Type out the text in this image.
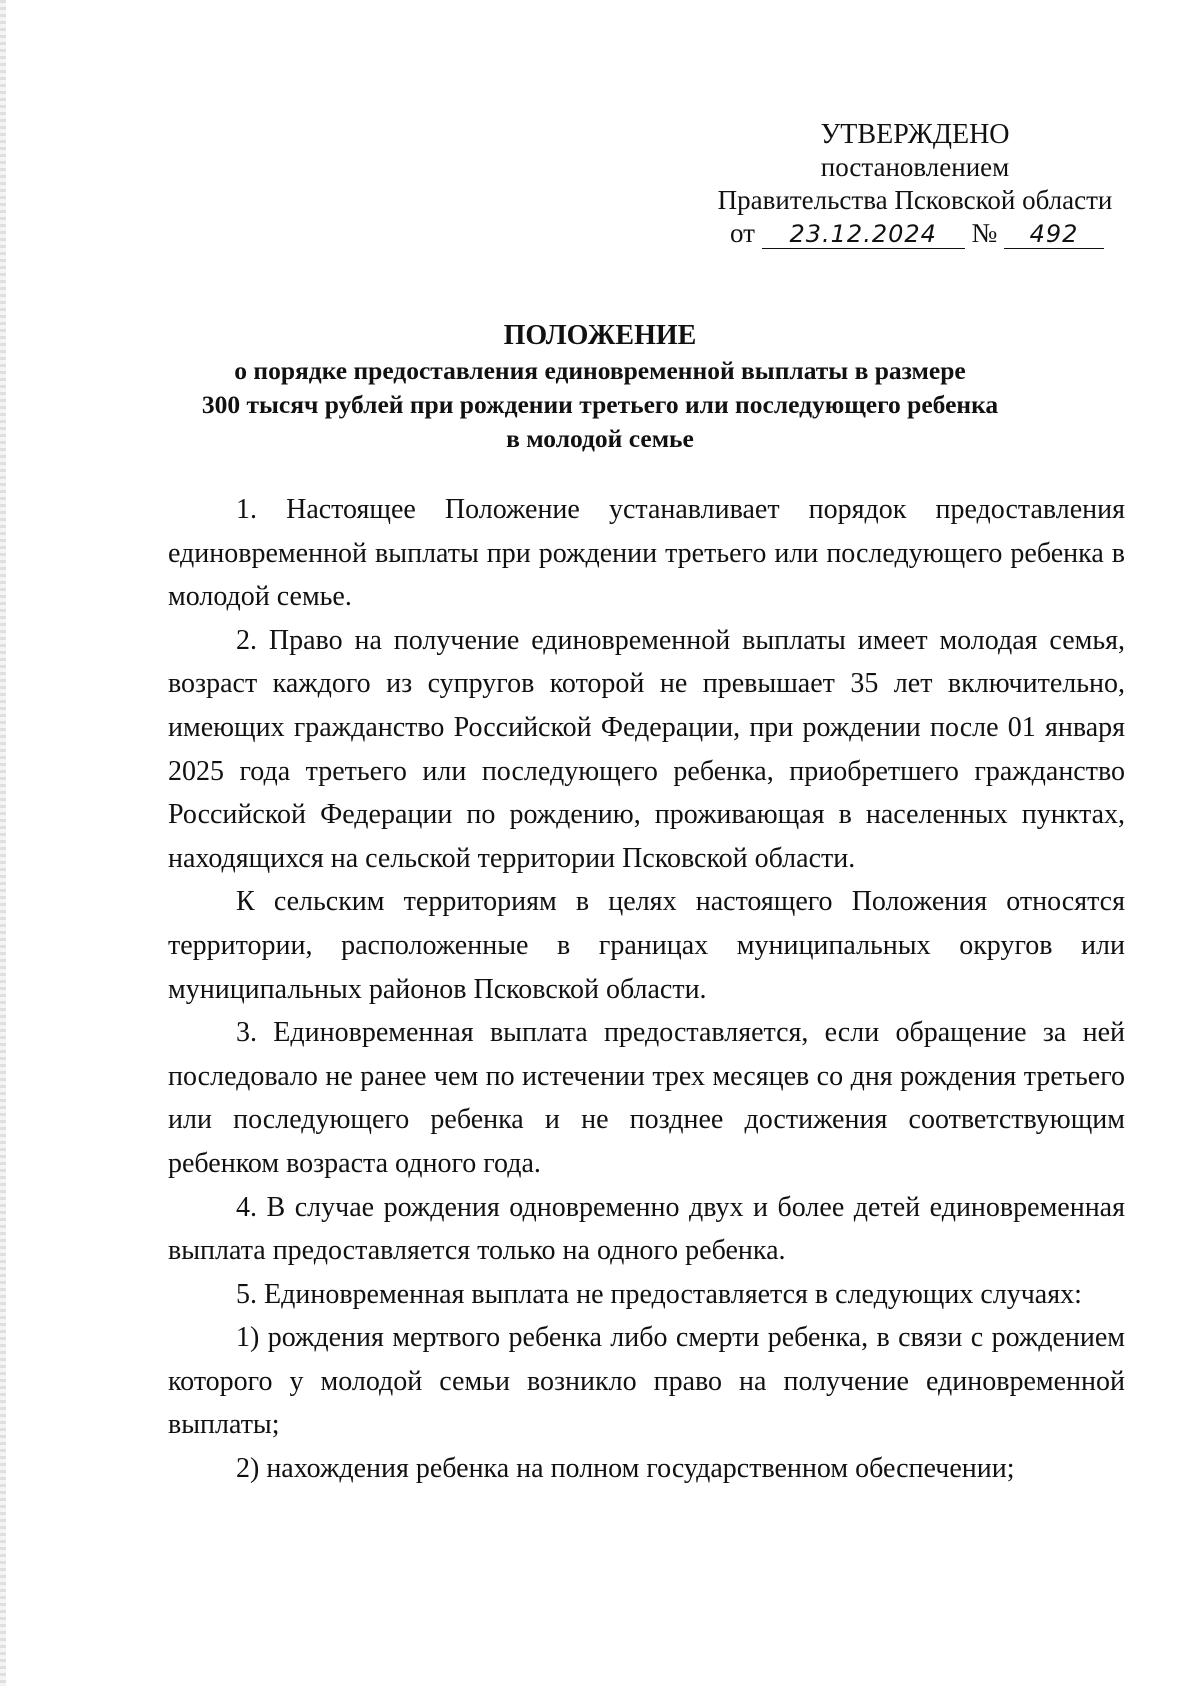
УТВЕРЖДЕНО
постановлением
Правительства Псковской области
от 23.12.2024 № 492
ПОЛОЖЕНИЕ
о порядке предоставления единовременной выплаты в размере
300 тысяч рублей при рождении третьего или последующего ребенка
в молодой семье

1. Настоящее Положение устанавливает порядок предоставления единовременной выплаты при рождении третьего или последующего ребенка в молодой семье.

2. Право на получение единовременной выплаты имеет молодая семья, возраст каждого из супругов которой не превышает 35 лет включительно, имеющих гражданство Российской Федерации, при рождении после 01 января 2025 года третьего или последующего ребенка, приобретшего гражданство Российской Федерации по рождению, проживающая в населенных пунктах, находящихся на сельской территории Псковской области.

К сельским территориям в целях настоящего Положения относятся территории, расположенные в границах муниципальных округов или муниципальных районов Псковской области.

3. Единовременная выплата предоставляется, если обращение за ней последовало не ранее чем по истечении трех месяцев со дня рождения третьего или последующего ребенка и не позднее достижения соответствующим ребенком возраста одного года.

4. В случае рождения одновременно двух и более детей единовременная выплата предоставляется только на одного ребенка.

5. Единовременная выплата не предоставляется в следующих случаях:

1) рождения мертвого ребенка либо смерти ребенка, в связи с рождением которого у молодой семьи возникло право на получение единовременной выплаты;

2) нахождения ребенка на полном государственном обеспечении;
